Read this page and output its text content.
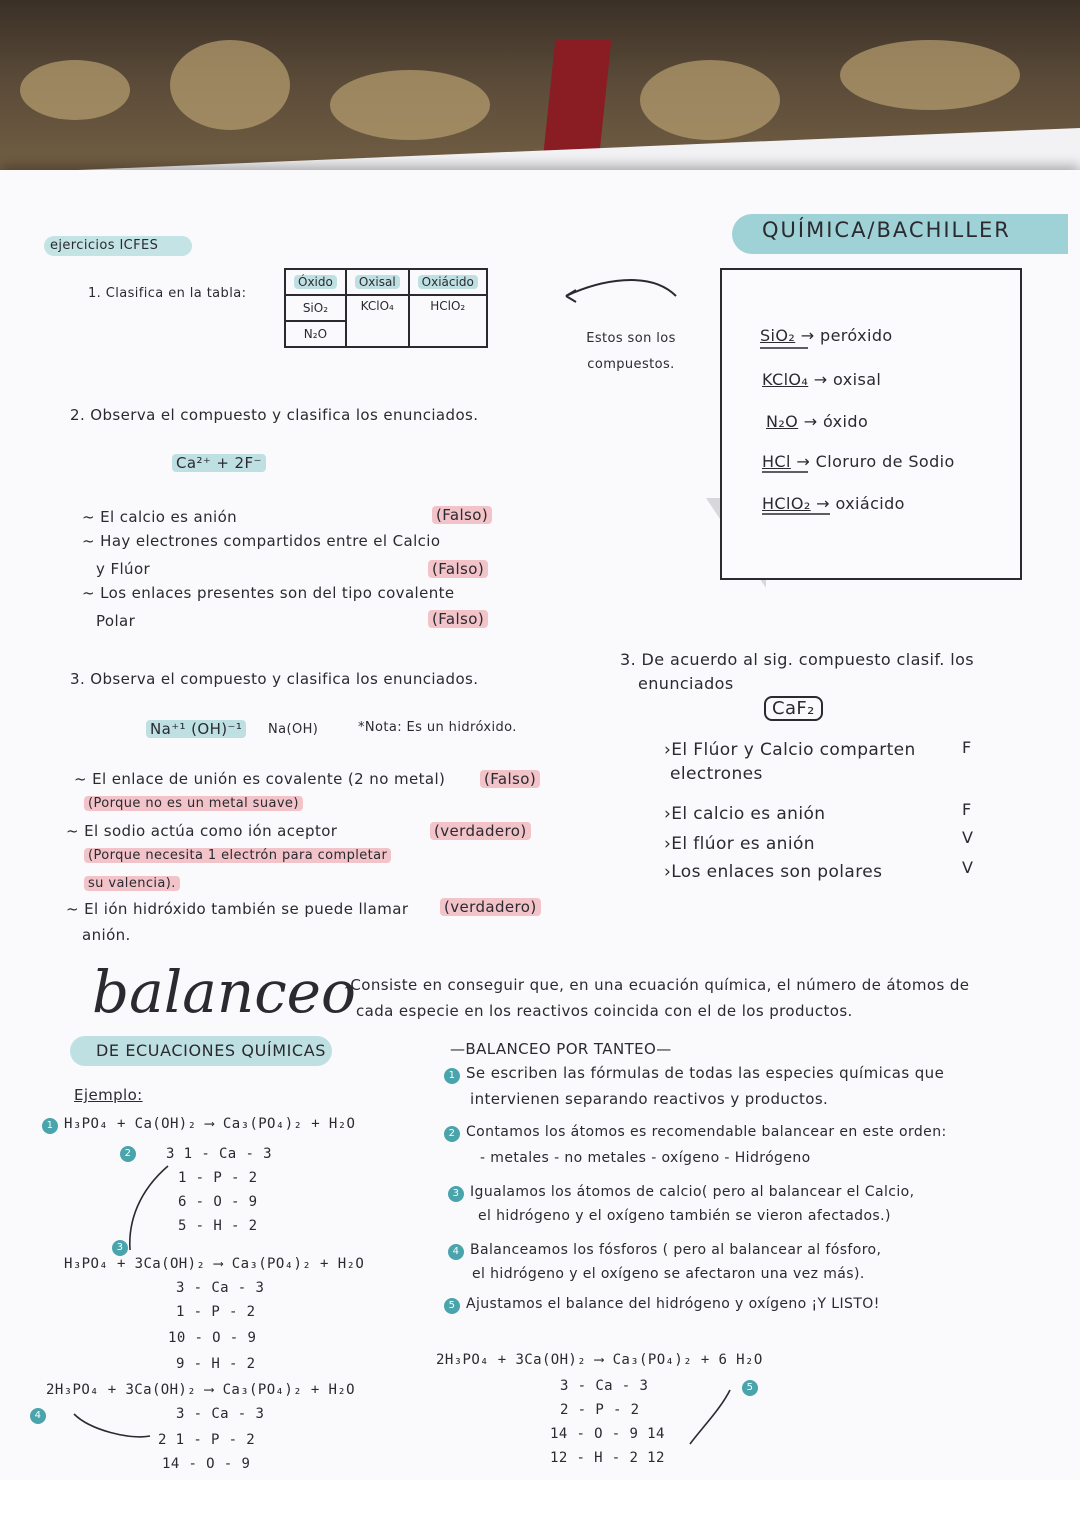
ejercicios ICFES
QUÍMICA/BACHILLER
1. Clasifica en la tabla:
Óxido	Oxisal	Oxiácido
SiO₂	KClO₄	HClO₂
N₂O			Estos son los compuestos.
SiO₂ → peróxido
KClO₄ → oxisal
N₂O → óxido
HCl → Cloruro de Sodio
HClO₂ → oxiácido
2. Observa el compuesto y clasifica los enunciados.
Ca²⁺ + 2F⁻
~ El calcio es anión	(Falso)
~ Hay electrones compartidos entre el Calcio
y Flúor	(Falso)
~ Los enlaces presentes son del tipo covalente
Polar	(Falso)
3. Observa el compuesto y clasifica los enunciados.
Na⁺¹ (OH)⁻¹	Na(OH)	*Nota: Es un hidróxido.
~ El enlace de unión es covalente (2 no metal)	(Falso)
(Porque no es un metal suave)
~ El sodio actúa como ión aceptor	(verdadero)
(Porque necesita 1 electrón para completar
su valencia).
~ El ión hidróxido también se puede llamar (verdadero)
anión.
3. De acuerdo al sig. compuesto clasif. los
enunciados
CaF₂
›El Flúor y Calcio comparten
electrones
F
›El calcio es anión	F
›El flúor es anión	V
›Los enlaces son polares	V
balanceo
DE ECUACIONES QUÍMICAS
›Consiste en conseguir que, en una ecuación química, el número de átomos de
cada especie en los reactivos coincida con el de los productos.
—BALANCEO POR TANTEO—
1 Se escriben las fórmulas de todas las especies químicas que
intervienen separando reactivos y productos.
2 Contamos los átomos es recomendable balancear en este orden:
- metales - no metales - oxígeno - Hidrógeno
3 Igualamos los átomos de calcio( pero al balancear el Calcio,
el hidrógeno y el oxígeno también se vieron afectados.)
4 Balanceamos los fósforos ( pero al balancear al fósforo,
el hidrógeno y el oxígeno se afectaron una vez más).
5 Ajustamos el balance del hidrógeno y oxígeno ¡Y LISTO!
Ejemplo:
1 H₃PO₄ + Ca(OH)₂ ⟶ Ca₃(PO₄)₂ + H₂O
2	3 1 - Ca - 3
1 - P - 2
6 - O - 9
5 - H - 2
3
H₃PO₄ + 3Ca(OH)₂ ⟶ Ca₃(PO₄)₂ + H₂O
3 - Ca - 3
1 - P - 2
10 - O - 9
9 - H - 2
2H₃PO₄ + 3Ca(OH)₂ ⟶ Ca₃(PO₄)₂ + H₂O
4	3 - Ca - 3
2 1 - P - 2
14 - O - 9
2H₃PO₄ + 3Ca(OH)₂ ⟶ Ca₃(PO₄)₂ + 6 H₂O
5
3 - Ca - 3
2 - P - 2
14 - O - 9 14
12 - H - 2 12
